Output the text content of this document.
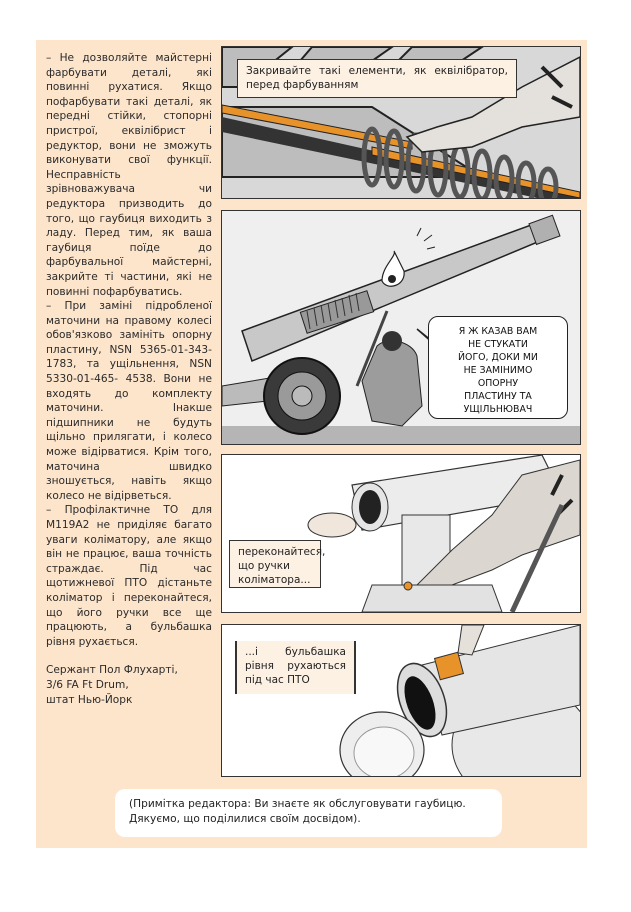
– Не дозволяйте майстерні фарбувати деталі, які повинні рухатися. Якщо пофарбувати такі деталі, як передні стійки, стопорні пристрої, еквілібрист і редуктор, вони не зможуть виконувати свої функції. Несправність зрівноважувача чи редуктора призводить до того, що гаубиця виходить з ладу. Перед тим, як ваша гаубиця поїде до фарбувальної майстерні, закрийте ті частини, які не повинні пофарбуватись.

– При заміні підробленої маточини на правому колесі обов'язково замініть опорну пластину, NSN 5365-01-343-1783, та ущільнення, NSN 5330-01-465- 4538. Вони не входять до комплекту маточини. Інакше підшипники не будуть щільно прилягати, і колесо може відірватися. Крім того, маточина швидко зношується, навіть якщо колесо не відірветься.

– Профілактичне ТО для M119A2 не приділяє багато уваги коліматору, але якщо він не працює, ваша точність страждає. Під час щотижневої ПТО дістаньте коліматор і переконайтеся, що його ручки все ще працюють, а бульбашка рівня рухається.

Сержант Пол Флухарті,
3/6 FA Ft Drum,
штат Нью-Йорк

Закривайте такі елементи, як еквілібратор, перед фарбуванням
Я Ж КАЗАВ ВАМ
НЕ СТУКАТИ
ЙОГО, ДОКИ МИ
НЕ ЗАМІНИМО
ОПОРНУ
ПЛАСТИНУ ТА
УЩІЛЬНЮВАЧ
переконайтеся, що ручки коліматора...
...і бульбашка рівня рухаються під час ПТО
(Примітка редактора: Ви знаєте як обслуговувати гаубицю.
Дякуємо, що поділилися своїм досвідом).
